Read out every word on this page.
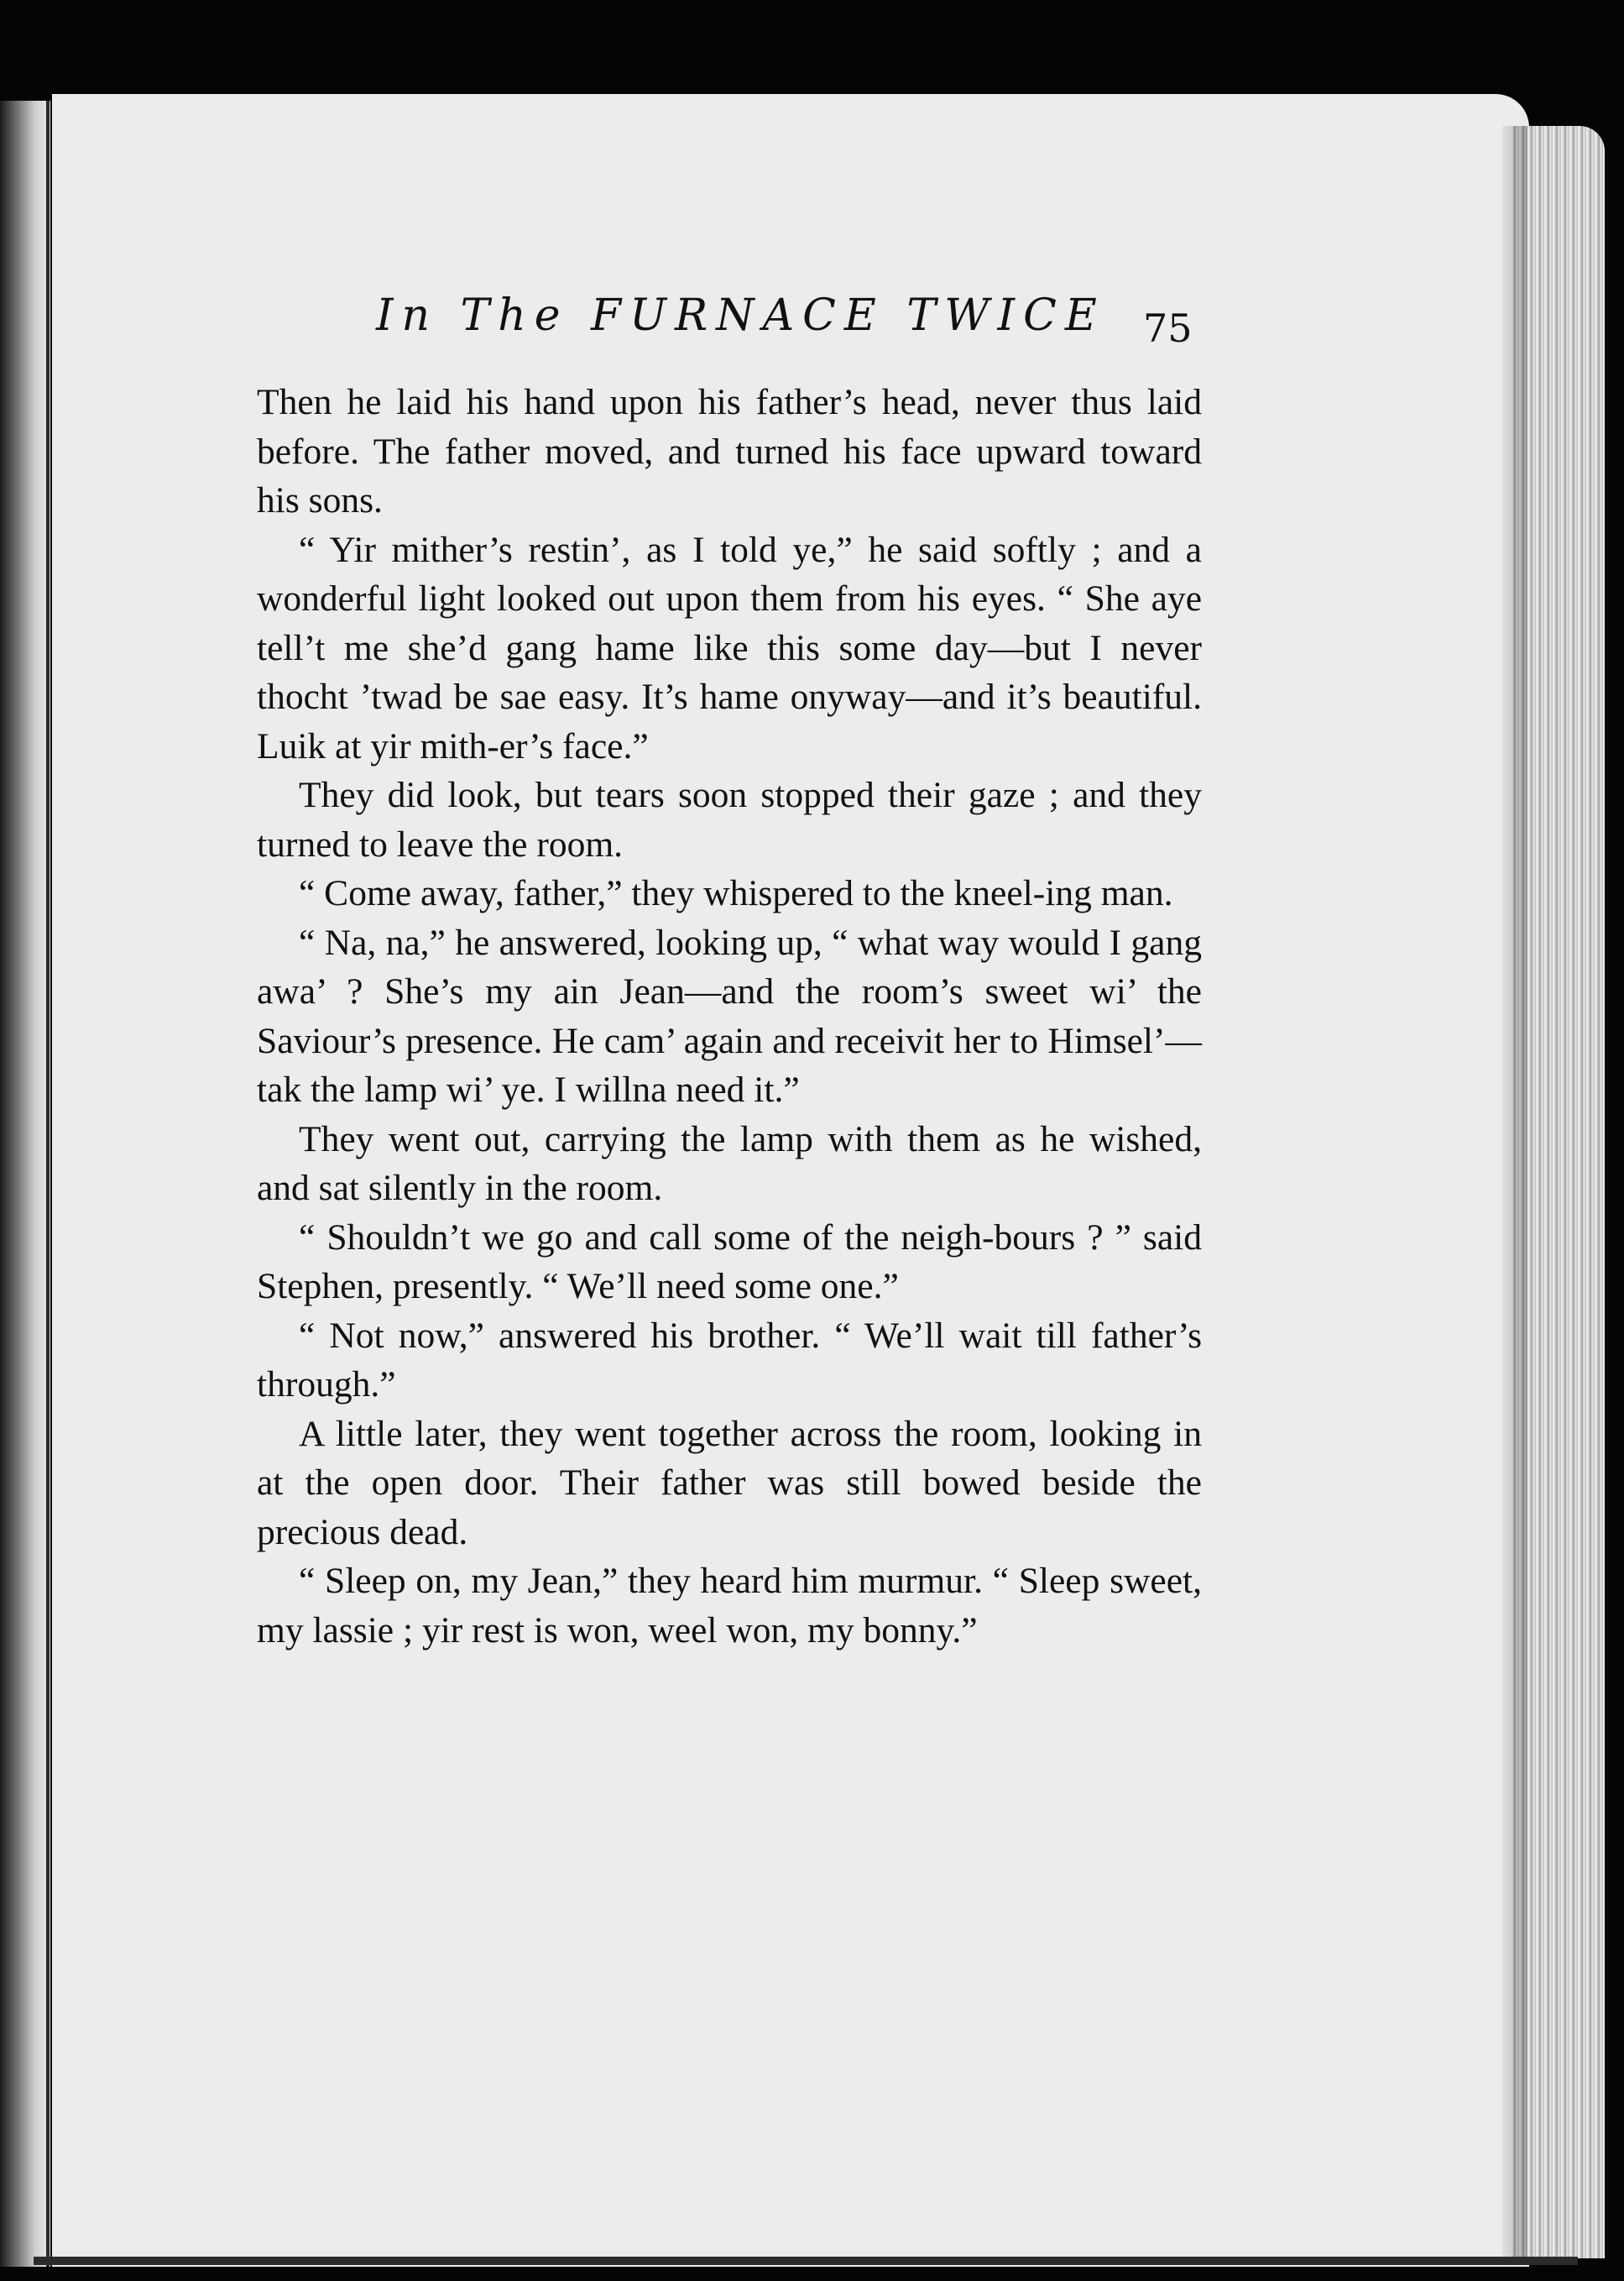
In The FURNACE TWICE 75

Then he laid his hand upon his father’s head, never thus laid before. The father moved, and turned his face upward toward his sons.

“ Yir mither’s restin’, as I told ye,” he said softly ; and a wonderful light looked out upon them from his eyes. “ She aye tell’t me she’d gang hame like this some day—but I never thocht ’twad be sae easy. It’s hame onyway—and it’s beautiful. Luik at yir mith-er’s face.”

They did look, but tears soon stopped their gaze ; and they turned to leave the room.

“ Come away, father,” they whispered to the kneel-ing man.

“ Na, na,” he answered, looking up, “ what way would I gang awa’ ? She’s my ain Jean—and the room’s sweet wi’ the Saviour’s presence. He cam’ again and receivit her to Himsel’—tak the lamp wi’ ye. I willna need it.”

They went out, carrying the lamp with them as he wished, and sat silently in the room.

“ Shouldn’t we go and call some of the neigh-bours ? ” said Stephen, presently. “ We’ll need some one.”

“ Not now,” answered his brother. “ We’ll wait till father’s through.”

A little later, they went together across the room, looking in at the open door. Their father was still bowed beside the precious dead.

“ Sleep on, my Jean,” they heard him murmur. “ Sleep sweet, my lassie ; yir rest is won, weel won, my bonny.”
